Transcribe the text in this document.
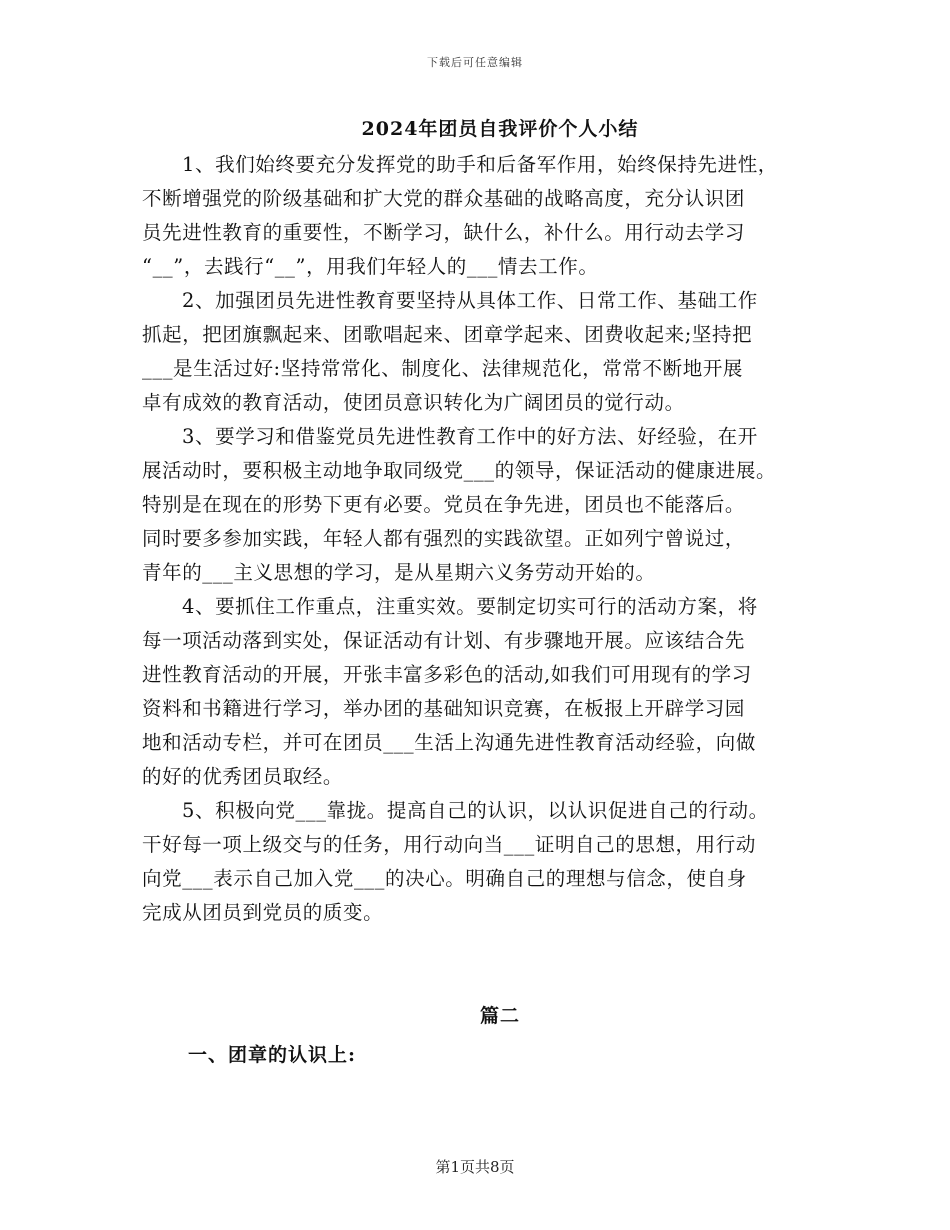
下载后可任意编辑
2024年团员自我评价个人小结
1、我们始终要充分发挥党的助手和后备军作用，始终保持先进性，
不断增强党的阶级基础和扩大党的群众基础的战略高度，充分认识团
员先进性教育的重要性，不断学习，缺什么，补什么。用行动去学习
“__”，去践行“__”，用我们年轻人的___情去工作。
2、加强团员先进性教育要坚持从具体工作、日常工作、基础工作
抓起，把团旗飘起来、团歌唱起来、团章学起来、团费收起来;坚持把
___是生活过好:坚持常常化、制度化、法律规范化，常常不断地开展
卓有成效的教育活动，使团员意识转化为广阔团员的觉行动。
3、要学习和借鉴党员先进性教育工作中的好方法、好经验，在开
展活动时，要积极主动地争取同级党___的领导，保证活动的健康进展。
特别是在现在的形势下更有必要。党员在争先进，团员也不能落后。
同时要多参加实践，年轻人都有强烈的实践欲望。正如列宁曾说过，
青年的___主义思想的学习，是从星期六义务劳动开始的。
4、要抓住工作重点，注重实效。要制定切实可行的活动方案，将
每一项活动落到实处，保证活动有计划、有步骤地开展。应该结合先
进性教育活动的开展，开张丰富多彩色的活动,如我们可用现有的学习
资料和书籍进行学习，举办团的基础知识竞赛，在板报上开辟学习园
地和活动专栏，并可在团员___生活上沟通先进性教育活动经验，向做
的好的优秀团员取经。
5、积极向党___靠拢。提高自己的认识，以认识促进自己的行动。
干好每一项上级交与的任务，用行动向当___证明自己的思想，用行动
向党___表示自己加入党___的决心。明确自己的理想与信念，使自身
完成从团员到党员的质变。
篇二
一、团章的认识上:
第1页共8页
